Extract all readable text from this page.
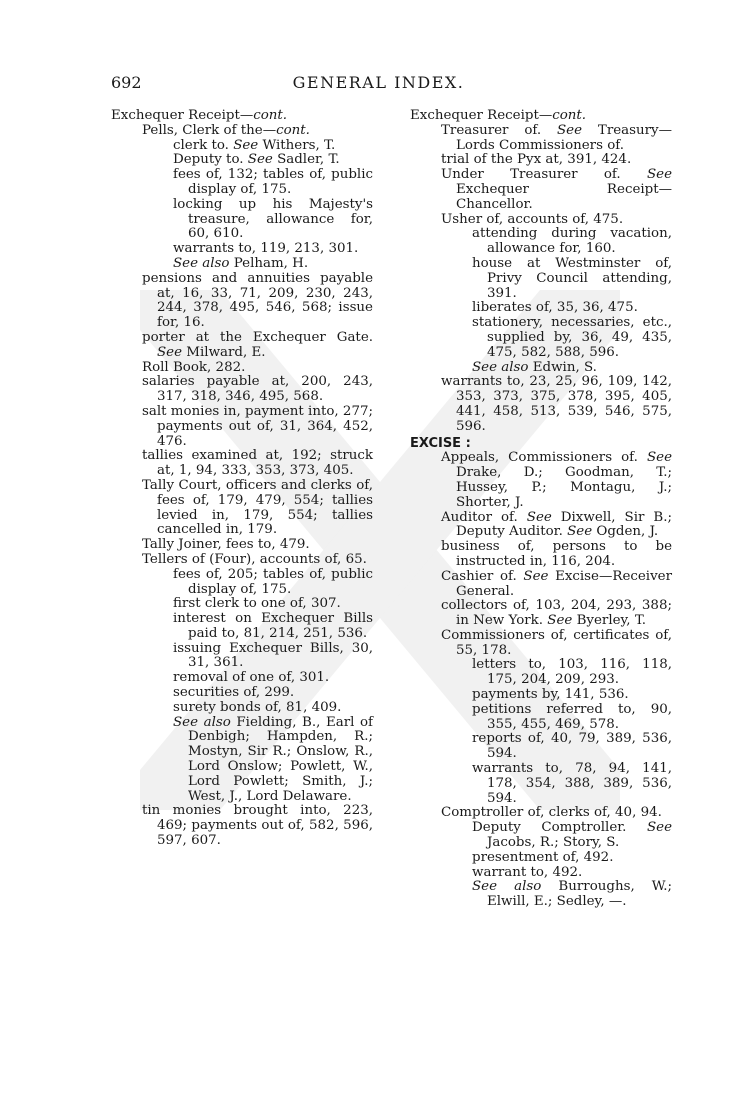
692	GENERAL INDEX.

Exchequer Receipt—cont.

Pells, Clerk of the—cont.

clerk to. See Withers, T.

Deputy to. See Sadler, T.

fees of, 132; tables of, public display of, 175.

locking up his Majesty's treasure, allowance for, 60, 610.

warrants to, 119, 213, 301.

See also Pelham, H.

pensions and annuities payable at, 16, 33, 71, 209, 230, 243, 244, 378, 495, 546, 568; issue for, 16.

porter at the Exchequer Gate. See Milward, E.

Roll Book, 282.

salaries payable at, 200, 243, 317, 318, 346, 495, 568.

salt monies in, payment into, 277; payments out of, 31, 364, 452, 476.

tallies examined at, 192; struck at, 1, 94, 333, 353, 373, 405.

Tally Court, officers and clerks of, fees of, 179, 479, 554; tallies levied in, 179, 554; tallies cancelled in, 179.

Tally Joiner, fees to, 479.

Tellers of (Four), accounts of, 65.

fees of, 205; tables of, public display of, 175.

first clerk to one of, 307.

interest on Exchequer Bills paid to, 81, 214, 251, 536.

issuing Exchequer Bills, 30, 31, 361.

removal of one of, 301.

securities of, 299.

surety bonds of, 81, 409.

See also Fielding, B., Earl of Denbigh; Hampden, R.; Mostyn, Sir R.; Onslow, R., Lord Onslow; Powlett, W., Lord Powlett; Smith, J.; West, J., Lord Delaware.

tin monies brought into, 223, 469; payments out of, 582, 596, 597, 607.

Exchequer Receipt—cont.

Treasurer of. See Treasury—Lords Commissioners of.

trial of the Pyx at, 391, 424.

Under Treasurer of. See Exchequer Receipt—Chancellor.

Usher of, accounts of, 475.

attending during vacation, allowance for, 160.

house at Westminster of, Privy Council attending, 391.

liberates of, 35, 36, 475.

stationery, necessaries, etc., supplied by, 36, 49, 435, 475, 582, 588, 596.

See also Edwin, S.

warrants to, 23, 25, 96, 109, 142, 353, 373, 375, 378, 395, 405, 441, 458, 513, 539, 546, 575, 596.

EXCISE :

Appeals, Commissioners of. See Drake, D.; Goodman, T.; Hussey, P.; Montagu, J.; Shorter, J.

Auditor of. See Dixwell, Sir B.; Deputy Auditor. See Ogden, J.

business of, persons to be instructed in, 116, 204.

Cashier of. See Excise—Receiver General.

collectors of, 103, 204, 293, 388; in New York. See Byerley, T.

Commissioners of, certificates of, 55, 178.

letters to, 103, 116, 118, 175, 204, 209, 293.

payments by, 141, 536.

petitions referred to, 90, 355, 455, 469, 578.

reports of, 40, 79, 389, 536, 594.

warrants to, 78, 94, 141, 178, 354, 388, 389, 536, 594.

Comptroller of, clerks of, 40, 94.

Deputy Comptroller. See Jacobs, R.; Story, S.

presentment of, 492.

warrant to, 492.

See also Burroughs, W.; Elwill, E.; Sedley, —.
